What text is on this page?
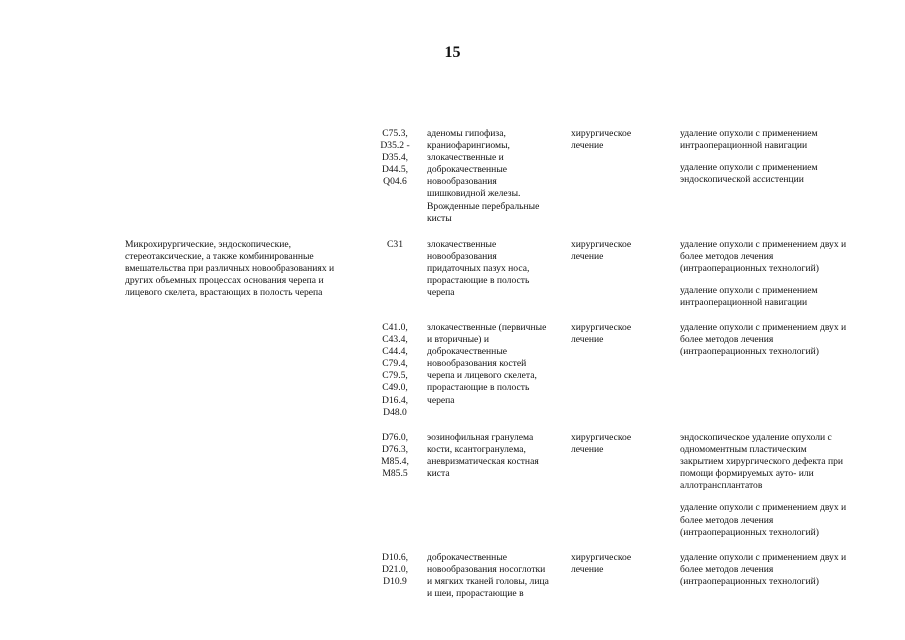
15
C75.3,
D35.2 -
D35.4,
D44.5,
Q04.6
аденомы гипофиза,
краниофарингиомы,
злокачественные и
доброкачественные
новообразования
шишковидной железы.
Врожденные перебральные
кисты
хирургическое
лечение
удаление опухоли с применением
интраоперационной навигации
удаление опухоли с применением
эндоскопической ассистенции
Микрохирургические, эндоскопические,
стереотаксические, а также комбинированные
вмешательства при различных новообразованиях и
других объемных процессах основания черепа и
лицевого скелета, врастающих в полость черепа
C31	злокачественные
новообразования
придаточных пазух носа,
прорастающие в полость
черепа
хирургическое
лечение
удаление опухоли с применением двух и
более методов лечения
(интраоперационных технологий)
удаление опухоли с применением
интраоперационной навигации
C41.0,
C43.4,
C44.4,
C79.4,
C79.5,
C49.0,
D16.4,
D48.0
злокачественные (первичные
и вторичные) и
доброкачественные
новообразования костей
черепа и лицевого скелета,
прорастающие в полость
черепа
хирургическое
лечение
удаление опухоли с применением двух и
более методов лечения
(интраоперационных технологий)
D76.0,
D76.3,
M85.4,
M85.5
эозинофильная гранулема
кости, ксантогранулема,
аневризматическая костная
киста
хирургическое
лечение
эндоскопическое удаление опухоли с
одномоментным пластическим
закрытием хирургического дефекта при
помощи формируемых ауто- или
аллотрансплантатов
удаление опухоли с применением двух и
более методов лечения
(интраоперационных технологий)
D10.6,
D21.0,
D10.9
доброкачественные
новообразования носоглотки
и мягких тканей головы, лица
и шеи, прорастающие в
хирургическое
лечение
удаление опухоли с применением двух и
более методов лечения
(интраоперационных технологий)
